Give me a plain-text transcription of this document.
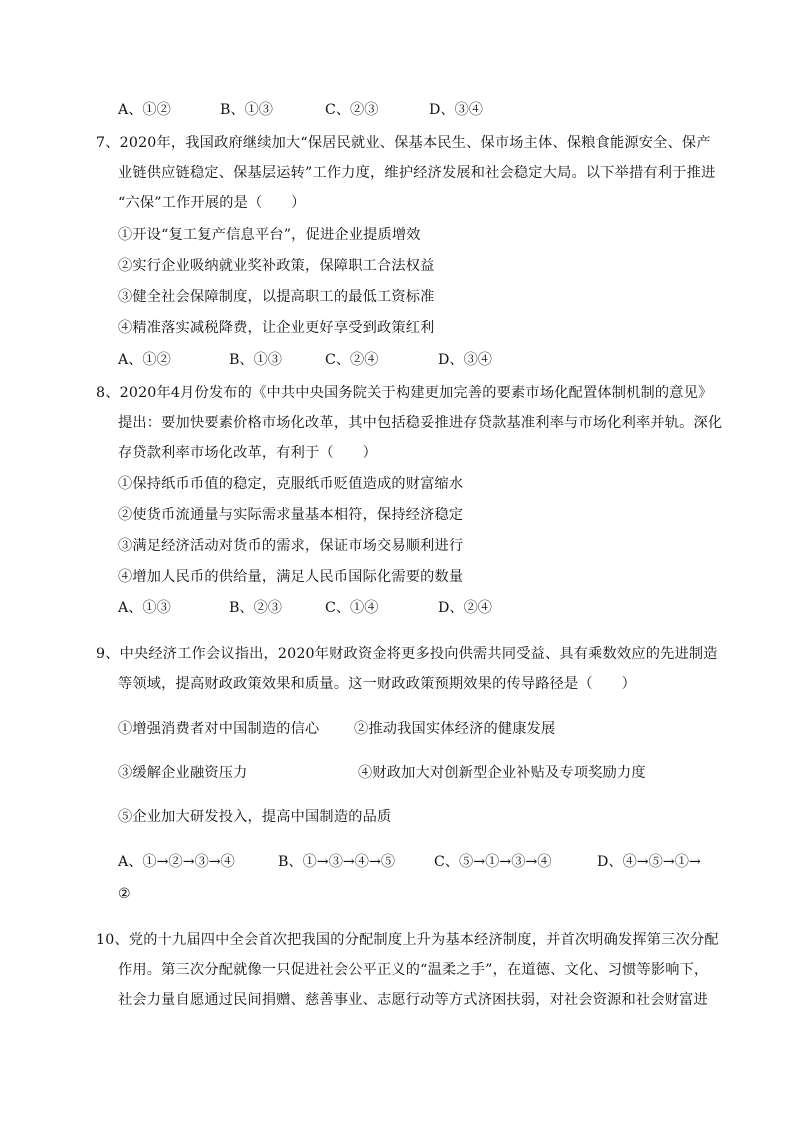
A、①②	B、①③	C、②③	D、③④
7、2020年，我国政府继续加大“保居民就业、保基本民生、保市场主体、保粮食能源安全、保产
业链供应链稳定、保基层运转”工作力度，维护经济发展和社会稳定大局。以下举措有利于推进
“六保”工作开展的是（　　）
①开设“复工复产信息平台”，促进企业提质增效
②实行企业吸纳就业奖补政策，保障职工合法权益
③健全社会保障制度，以提高职工的最低工资标准
④精准落实减税降费，让企业更好享受到政策红利
A、①②	B、①③	C、②④	D、③④
8、2020年4月份发布的《中共中央国务院关于构建更加完善的要素市场化配置体制机制的意见》
提出：要加快要素价格市场化改革，其中包括稳妥推进存贷款基准利率与市场化利率并轨。深化
存贷款利率市场化改革，有利于（　　）
①保持纸币币值的稳定，克服纸币贬值造成的财富缩水
②使货币流通量与实际需求量基本相符，保持经济稳定
③满足经济活动对货币的需求，保证市场交易顺利进行
④增加人民币的供给量，满足人民币国际化需要的数量
A、①③	B、②③	C、①④	D、②④
9、中央经济工作会议指出，2020年财政资金将更多投向供需共同受益、具有乘数效应的先进制造
等领域，提高财政政策效果和质量。这一财政政策预期效果的传导路径是（　　）
①增强消费者对中国制造的信心 ②推动我国实体经济的健康发展
③缓解企业融资压力	④财政加大对创新型企业补贴及专项奖励力度
⑤企业加大研发投入，提高中国制造的品质
A、①→②→③→④	B、①→③→④→⑤	C、⑤→①→③→④	D、④→⑤→①→
②
10、党的十九届四中全会首次把我国的分配制度上升为基本经济制度，并首次明确发挥第三次分配
作用。第三次分配就像一只促进社会公平正义的“温柔之手”，在道德、文化、习惯等影响下，
社会力量自愿通过民间捐赠、慈善事业、志愿行动等方式济困扶弱，对社会资源和社会财富进
